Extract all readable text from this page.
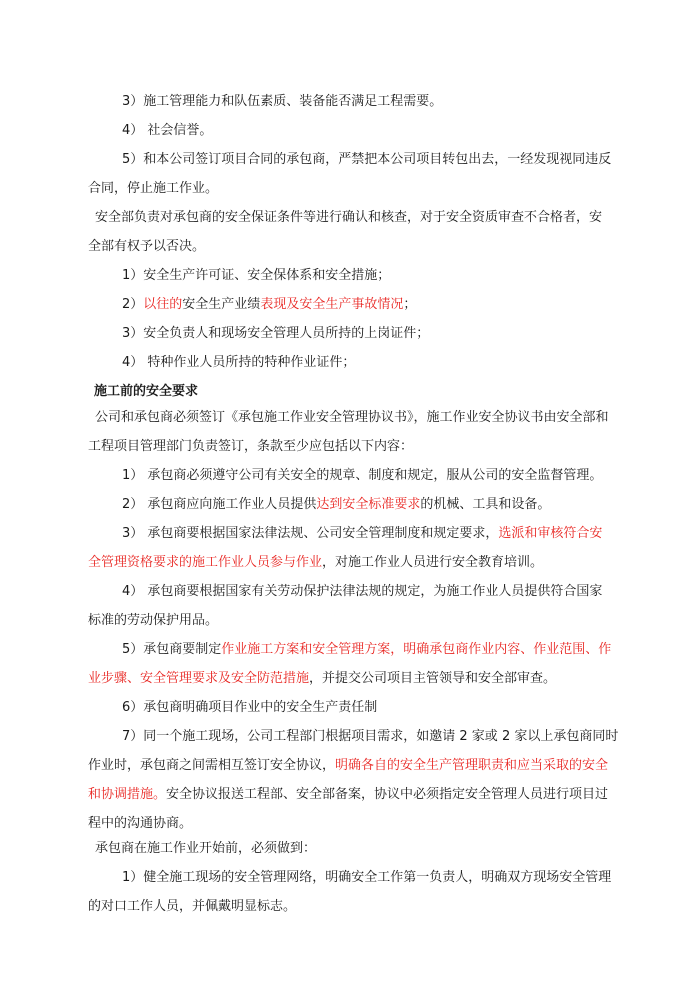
3）施工管理能力和队伍素质、装备能否满足工程需要。
4） 社会信誉。
5）和本公司签订项目合同的承包商，严禁把本公司项目转包出去，一经发现视同违反
合同，停止施工作业。
安全部负责对承包商的安全保证条件等进行确认和核查，对于安全资质审查不合格者，安
全部有权予以否决。
1）安全生产许可证、安全保体系和安全措施；
2）以往的安全生产业绩表现及安全生产事故情况；
3）安全负责人和现场安全管理人员所持的上岗证件；
4） 特种作业人员所持的特种作业证件；
施工前的安全要求
公司和承包商必须签订《承包施工作业安全管理协议书》，施工作业安全协议书由安全部和
工程项目管理部门负责签订，条款至少应包括以下内容：
1） 承包商必须遵守公司有关安全的规章、制度和规定，服从公司的安全监督管理。
2） 承包商应向施工作业人员提供达到安全标准要求的机械、工具和设备。
3） 承包商要根据国家法律法规、公司安全管理制度和规定要求，选派和审核符合安
全管理资格要求的施工作业人员参与作业，对施工作业人员进行安全教育培训。
4） 承包商要根据国家有关劳动保护法律法规的规定，为施工作业人员提供符合国家
标准的劳动保护用品。
5）承包商要制定作业施工方案和安全管理方案，明确承包商作业内容、作业范围、作
业步骤、安全管理要求及安全防范措施，并提交公司项目主管领导和安全部审查。
6）承包商明确项目作业中的安全生产责任制
7）同一个施工现场，公司工程部门根据项目需求，如邀请 2 家或 2 家以上承包商同时
作业时，承包商之间需相互签订安全协议，明确各自的安全生产管理职责和应当采取的安全
和协调措施。安全协议报送工程部、安全部备案，协议中必须指定安全管理人员进行项目过
程中的沟通协商。
承包商在施工作业开始前，必须做到：
1）健全施工现场的安全管理网络，明确安全工作第一负责人，明确双方现场安全管理
的对口工作人员，并佩戴明显标志。
